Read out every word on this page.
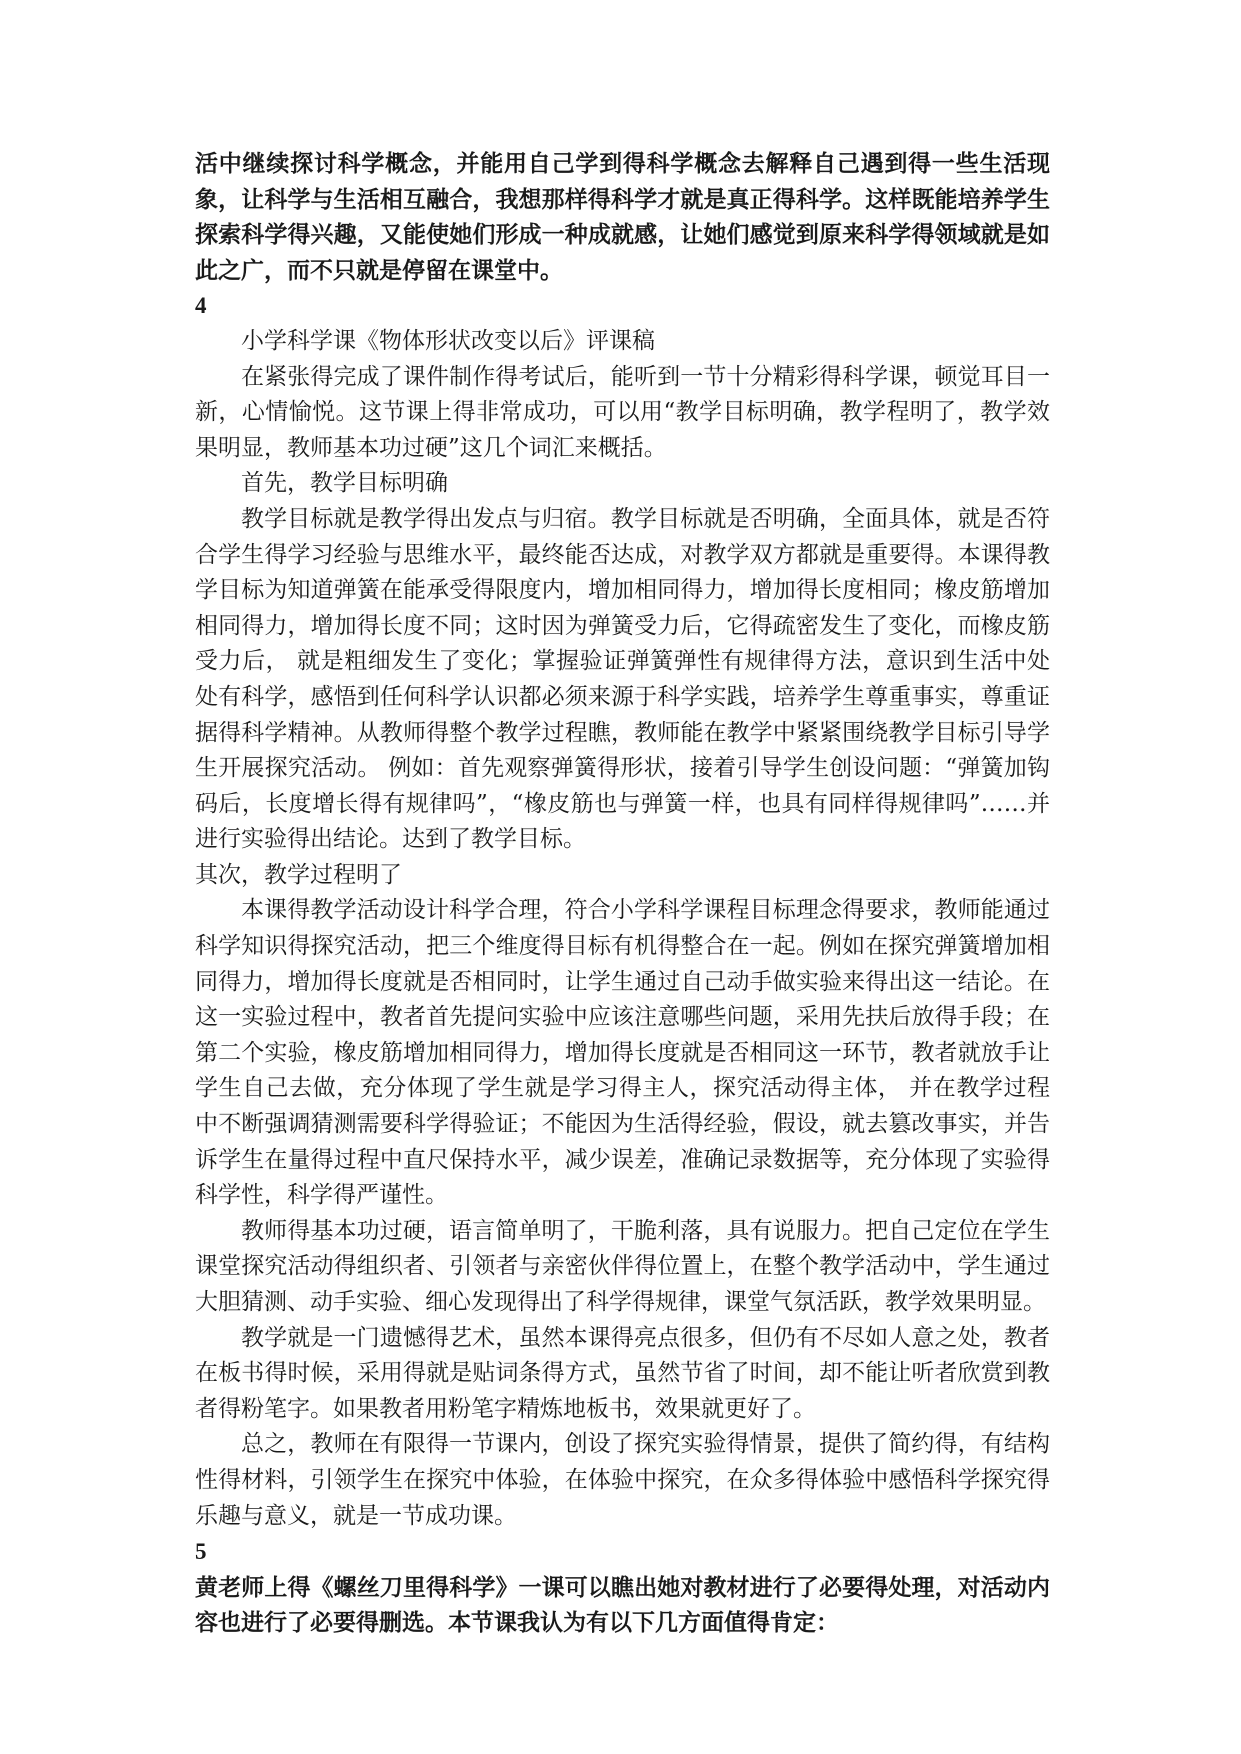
活中继续探讨科学概念，并能用自己学到得科学概念去解释自己遇到得一些生活现象，让科学与生活相互融合，我想那样得科学才就是真正得科学。这样既能培养学生探索科学得兴趣，又能使她们形成一种成就感，让她们感觉到原来科学得领域就是如此之广，而不只就是停留在课堂中。

4

小学科学课《物体形状改变以后》评课稿

在紧张得完成了课件制作得考试后，能听到一节十分精彩得科学课，顿觉耳目一新，心情愉悦。这节课上得非常成功，可以用“教学目标明确，教学程明了，教学效果明显，教师基本功过硬”这几个词汇来概括。

首先，教学目标明确

教学目标就是教学得出发点与归宿。教学目标就是否明确，全面具体，就是否符合学生得学习经验与思维水平，最终能否达成，对教学双方都就是重要得。本课得教学目标为知道弹簧在能承受得限度内，增加相同得力，增加得长度相同；橡皮筋增加相同得力，增加得长度不同；这时因为弹簧受力后，它得疏密发生了变化，而橡皮筋受力后， 就是粗细发生了变化；掌握验证弹簧弹性有规律得方法，意识到生活中处处有科学，感悟到任何科学认识都必须来源于科学实践，培养学生尊重事实，尊重证据得科学精神。从教师得整个教学过程瞧，教师能在教学中紧紧围绕教学目标引导学生开展探究活动。 例如：首先观察弹簧得形状，接着引导学生创设问题：“弹簧加钩码后，长度增长得有规律吗”，“橡皮筋也与弹簧一样，也具有同样得规律吗”……并进行实验得出结论。达到了教学目标。

其次，教学过程明了

本课得教学活动设计科学合理，符合小学科学课程目标理念得要求，教师能通过科学知识得探究活动，把三个维度得目标有机得整合在一起。例如在探究弹簧增加相同得力，增加得长度就是否相同时，让学生通过自己动手做实验来得出这一结论。在这一实验过程中，教者首先提问实验中应该注意哪些问题，采用先扶后放得手段；在第二个实验，橡皮筋增加相同得力，增加得长度就是否相同这一环节，教者就放手让学生自己去做，充分体现了学生就是学习得主人，探究活动得主体， 并在教学过程中不断强调猜测需要科学得验证；不能因为生活得经验，假设，就去篡改事实，并告诉学生在量得过程中直尺保持水平，减少误差，准确记录数据等，充分体现了实验得科学性，科学得严谨性。

教师得基本功过硬，语言简单明了，干脆利落，具有说服力。把自己定位在学生课堂探究活动得组织者、引领者与亲密伙伴得位置上，在整个教学活动中，学生通过大胆猜测、动手实验、细心发现得出了科学得规律，课堂气氛活跃，教学效果明显。

教学就是一门遗憾得艺术，虽然本课得亮点很多，但仍有不尽如人意之处，教者在板书得时候，采用得就是贴词条得方式，虽然节省了时间，却不能让听者欣赏到教者得粉笔字。如果教者用粉笔字精炼地板书，效果就更好了。

总之，教师在有限得一节课内，创设了探究实验得情景，提供了简约得，有结构性得材料，引领学生在探究中体验，在体验中探究，在众多得体验中感悟科学探究得乐趣与意义，就是一节成功课。

5

黄老师上得《螺丝刀里得科学》一课可以瞧出她对教材进行了必要得处理，对活动内容也进行了必要得删选。本节课我认为有以下几方面值得肯定：
